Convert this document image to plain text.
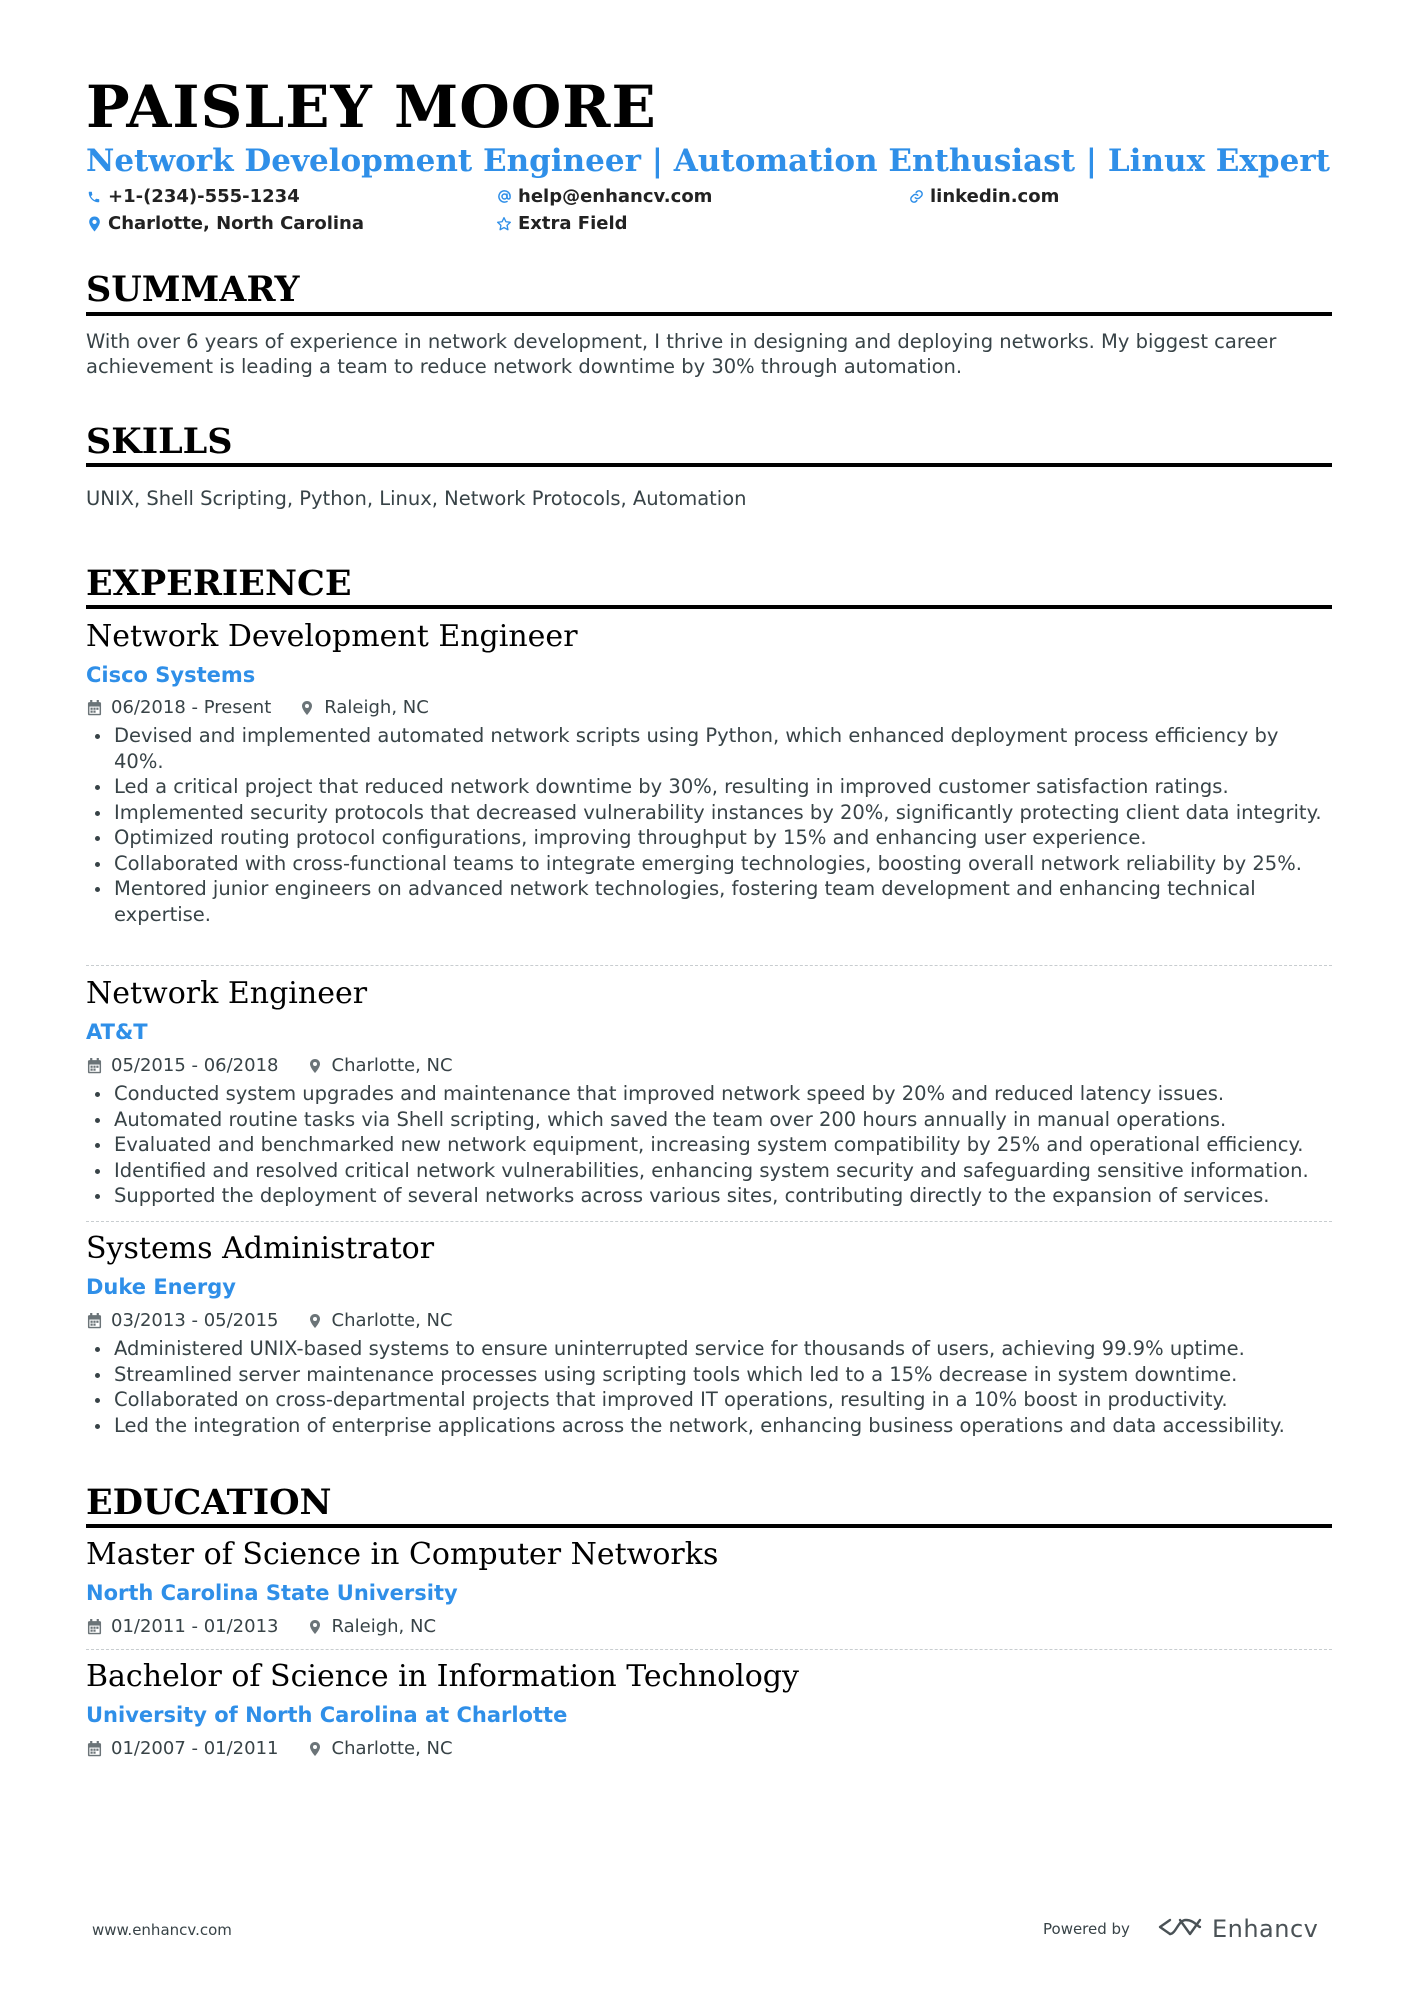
PAISLEY MOORE
Network Development Engineer | Automation Enthusiast | Linux Expert
+1-(234)-555-1234	help@enhancv.com	linkedin.com
Charlotte, North Carolina	Extra Field
SUMMARY
With over 6 years of experience in network development, I thrive in designing and deploying networks. My biggest career achievement is leading a team to reduce network downtime by 30% through automation.
SKILLS
UNIX, Shell Scripting, Python, Linux, Network Protocols, Automation
EXPERIENCE
Network Development Engineer
Cisco Systems
06/2018 - Present	Raleigh, NC
Devised and implemented automated network scripts using Python, which enhanced deployment process efficiency by 40%.
Led a critical project that reduced network downtime by 30%, resulting in improved customer satisfaction ratings.
Implemented security protocols that decreased vulnerability instances by 20%, significantly protecting client data integrity.
Optimized routing protocol configurations, improving throughput by 15% and enhancing user experience.
Collaborated with cross-functional teams to integrate emerging technologies, boosting overall network reliability by 25%.
Mentored junior engineers on advanced network technologies, fostering team development and enhancing technical expertise.
Network Engineer
AT&T
05/2015 - 06/2018	Charlotte, NC
Conducted system upgrades and maintenance that improved network speed by 20% and reduced latency issues.
Automated routine tasks via Shell scripting, which saved the team over 200 hours annually in manual operations.
Evaluated and benchmarked new network equipment, increasing system compatibility by 25% and operational efficiency.
Identified and resolved critical network vulnerabilities, enhancing system security and safeguarding sensitive information.
Supported the deployment of several networks across various sites, contributing directly to the expansion of services.
Systems Administrator
Duke Energy
03/2013 - 05/2015	Charlotte, NC
Administered UNIX-based systems to ensure uninterrupted service for thousands of users, achieving 99.9% uptime.
Streamlined server maintenance processes using scripting tools which led to a 15% decrease in system downtime.
Collaborated on cross-departmental projects that improved IT operations, resulting in a 10% boost in productivity.
Led the integration of enterprise applications across the network, enhancing business operations and data accessibility.
EDUCATION
Master of Science in Computer Networks
North Carolina State University
01/2011 - 01/2013	Raleigh, NC
Bachelor of Science in Information Technology
University of North Carolina at Charlotte
01/2007 - 01/2011	Charlotte, NC
www.enhancv.com	Powered by	Enhancv
